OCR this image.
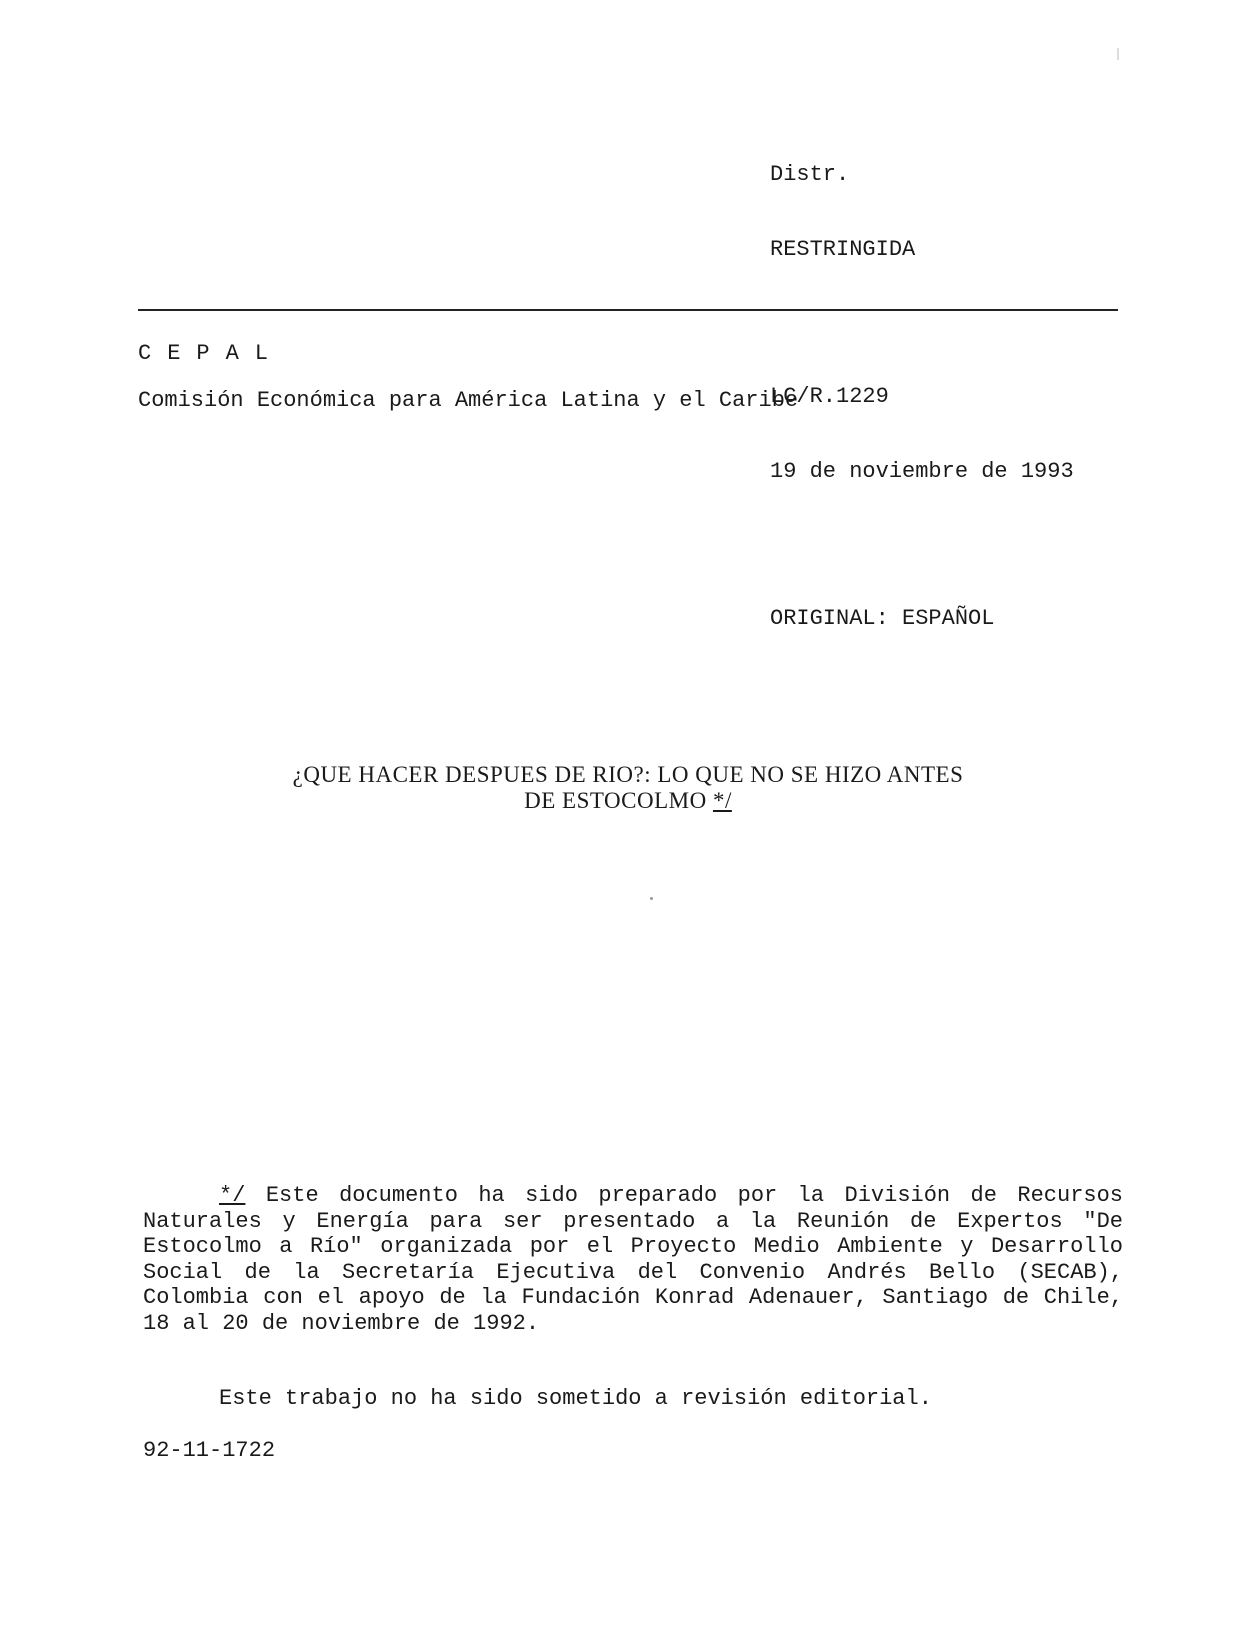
Distr.

RESTRINGIDA

LC/R.1229

19 de noviembre de 1993

ORIGINAL: ESPAÑOL

CEPAL
Comisión Económica para América Latina y el Caribe
¿QUE HACER DESPUES DE RIO?: LO QUE NO SE HIZO ANTES
DE ESTOCOLMO */
*/ Este documento ha sido preparado por la División de Recursos Naturales y Energía para ser presentado a la Reunión de Expertos "De Estocolmo a Río" organizada por el Proyecto Medio Ambiente y Desarrollo Social de la Secretaría Ejecutiva del Convenio Andrés Bello (SECAB), Colombia con el apoyo de la Fundación Konrad Adenauer, Santiago de Chile, 18 al 20 de noviembre de 1992.
Este trabajo no ha sido sometido a revisión editorial.
92-11-1722
